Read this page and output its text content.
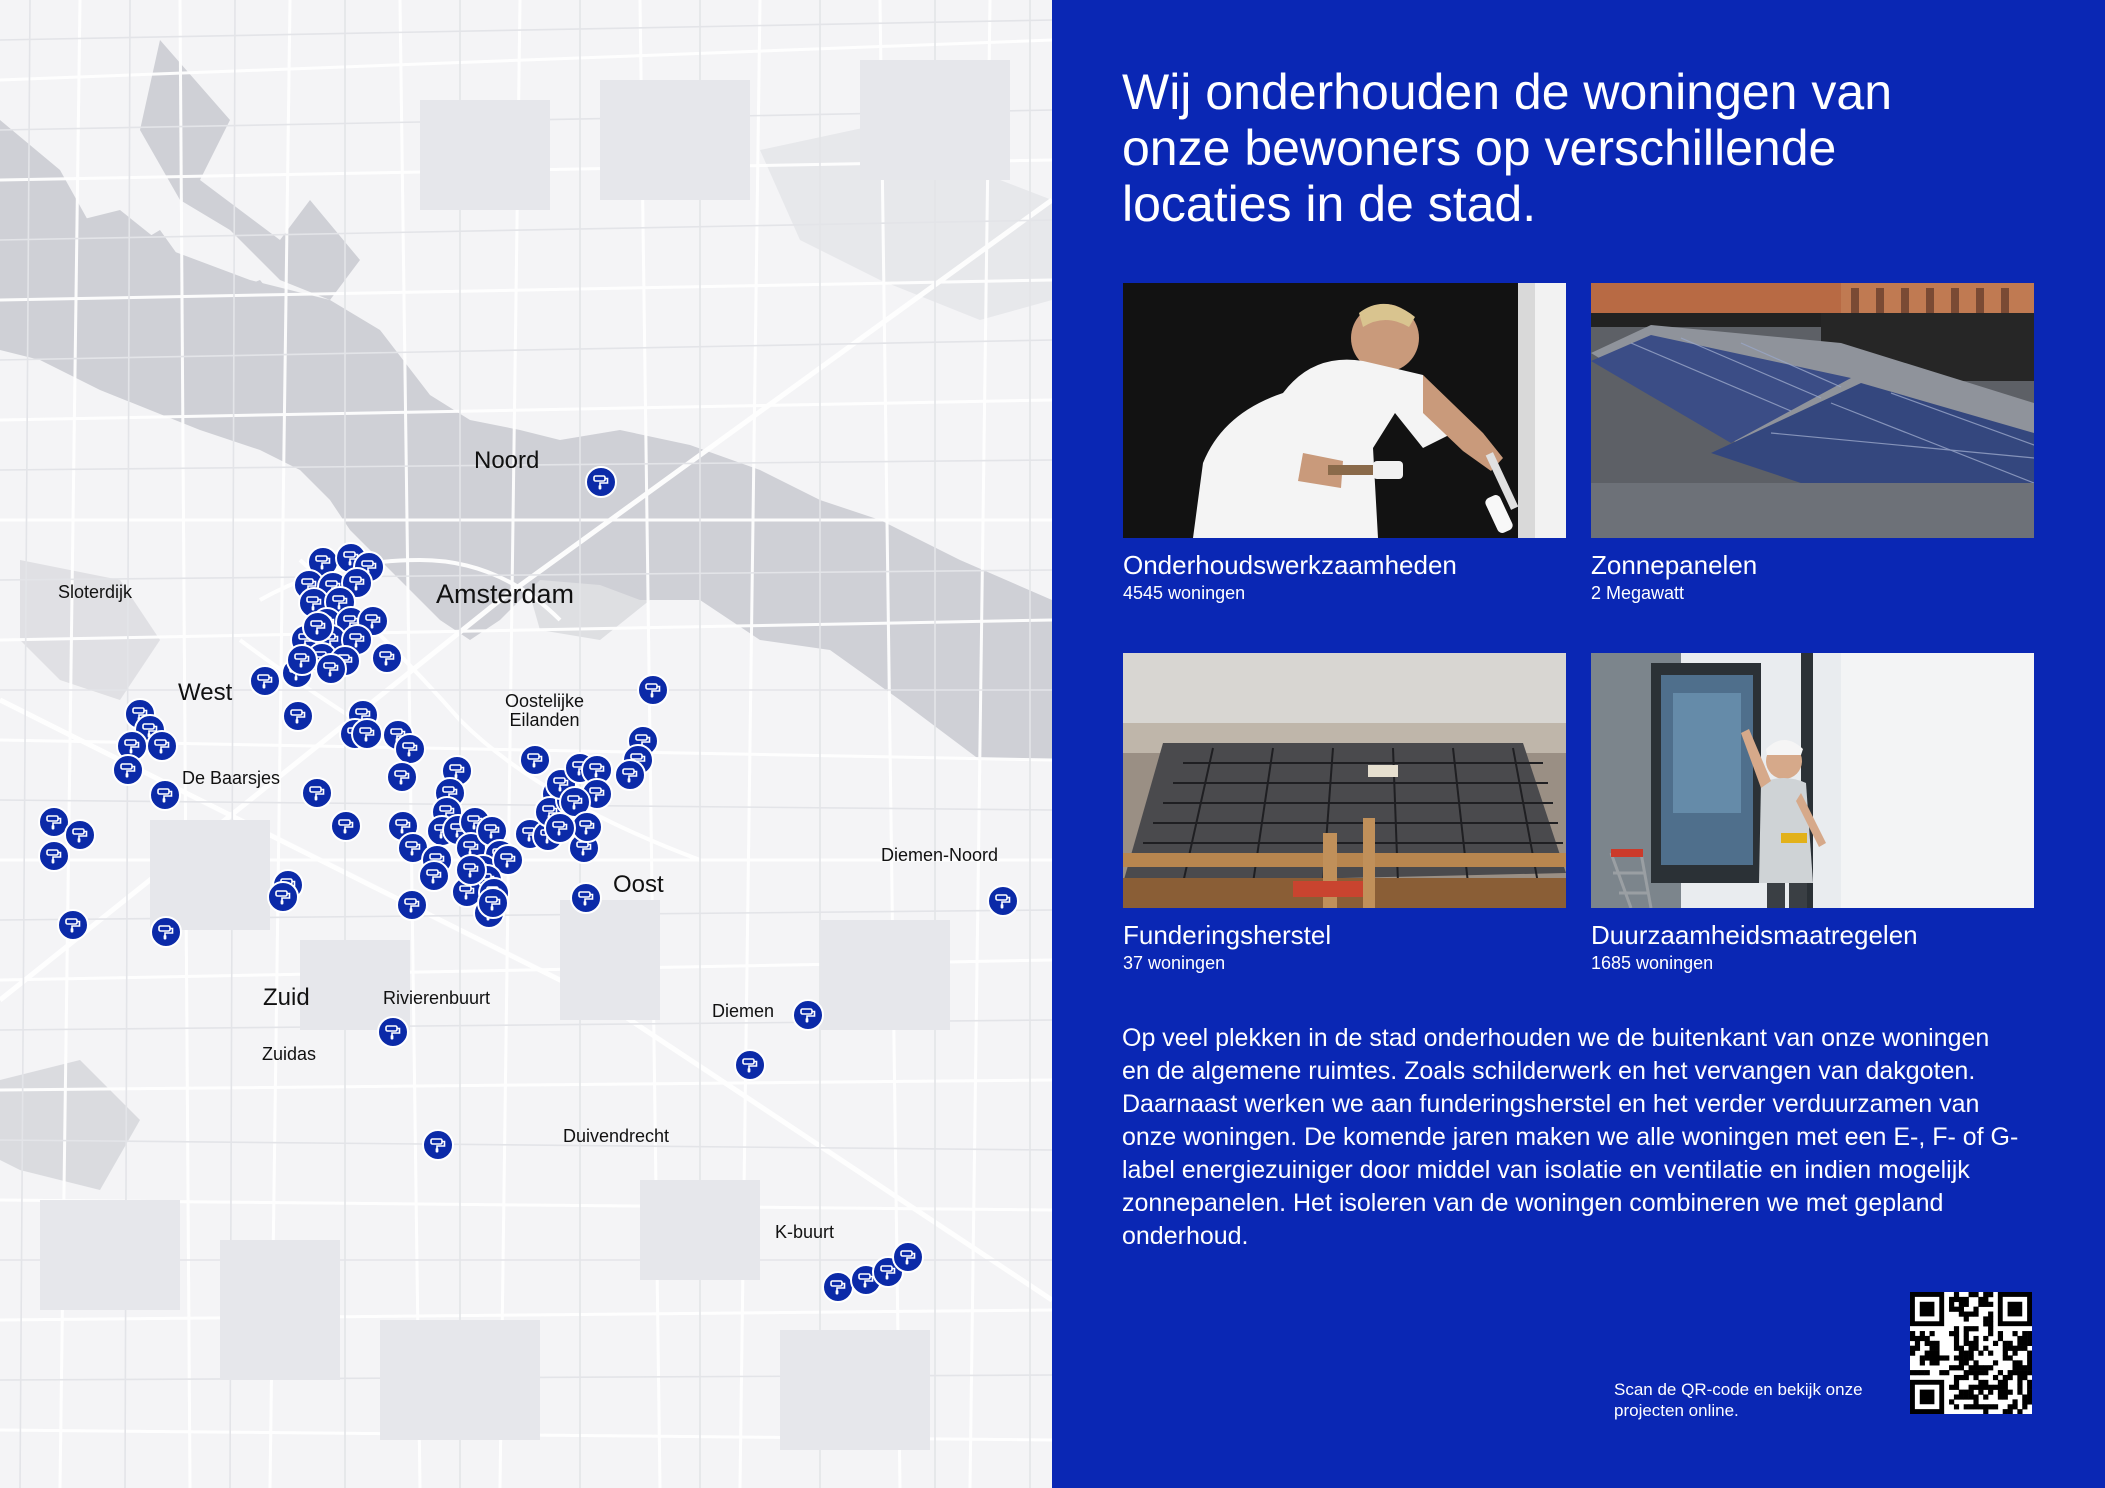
Noord
Amsterdam
Sloterdijk
West	Oostelijke
Eilanden
De Baarsjes
Diemen-Noord
Oost
Zuid	Rivierenbuurt
Diemen
Zuidas
Duivendrecht
K-buurt
Wij onderhouden de woningen van onze bewoners op verschillende locaties in de stad.
Onderhoudswerkzaamheden
4545 woningen
Zonnepanelen
2 Megawatt
Funderingsherstel
37 woningen
Duurzaamheidsmaatregelen
1685 woningen

Op veel plekken in de stad onderhouden we de buitenkant van onze woningen en de algemene ruimtes. Zoals schilderwerk en het vervangen van dakgoten. Daarnaast werken we aan funderingsherstel en het verder verduurzamen van onze woningen. De komende jaren maken we alle woningen met een E-, F- of G-label energiezuiniger door middel van isolatie en ventilatie en indien mogelijk zonnepanelen. Het isoleren van de woningen combineren we met gepland onderhoud.

Scan de QR-code en bekijk onze projecten online.
